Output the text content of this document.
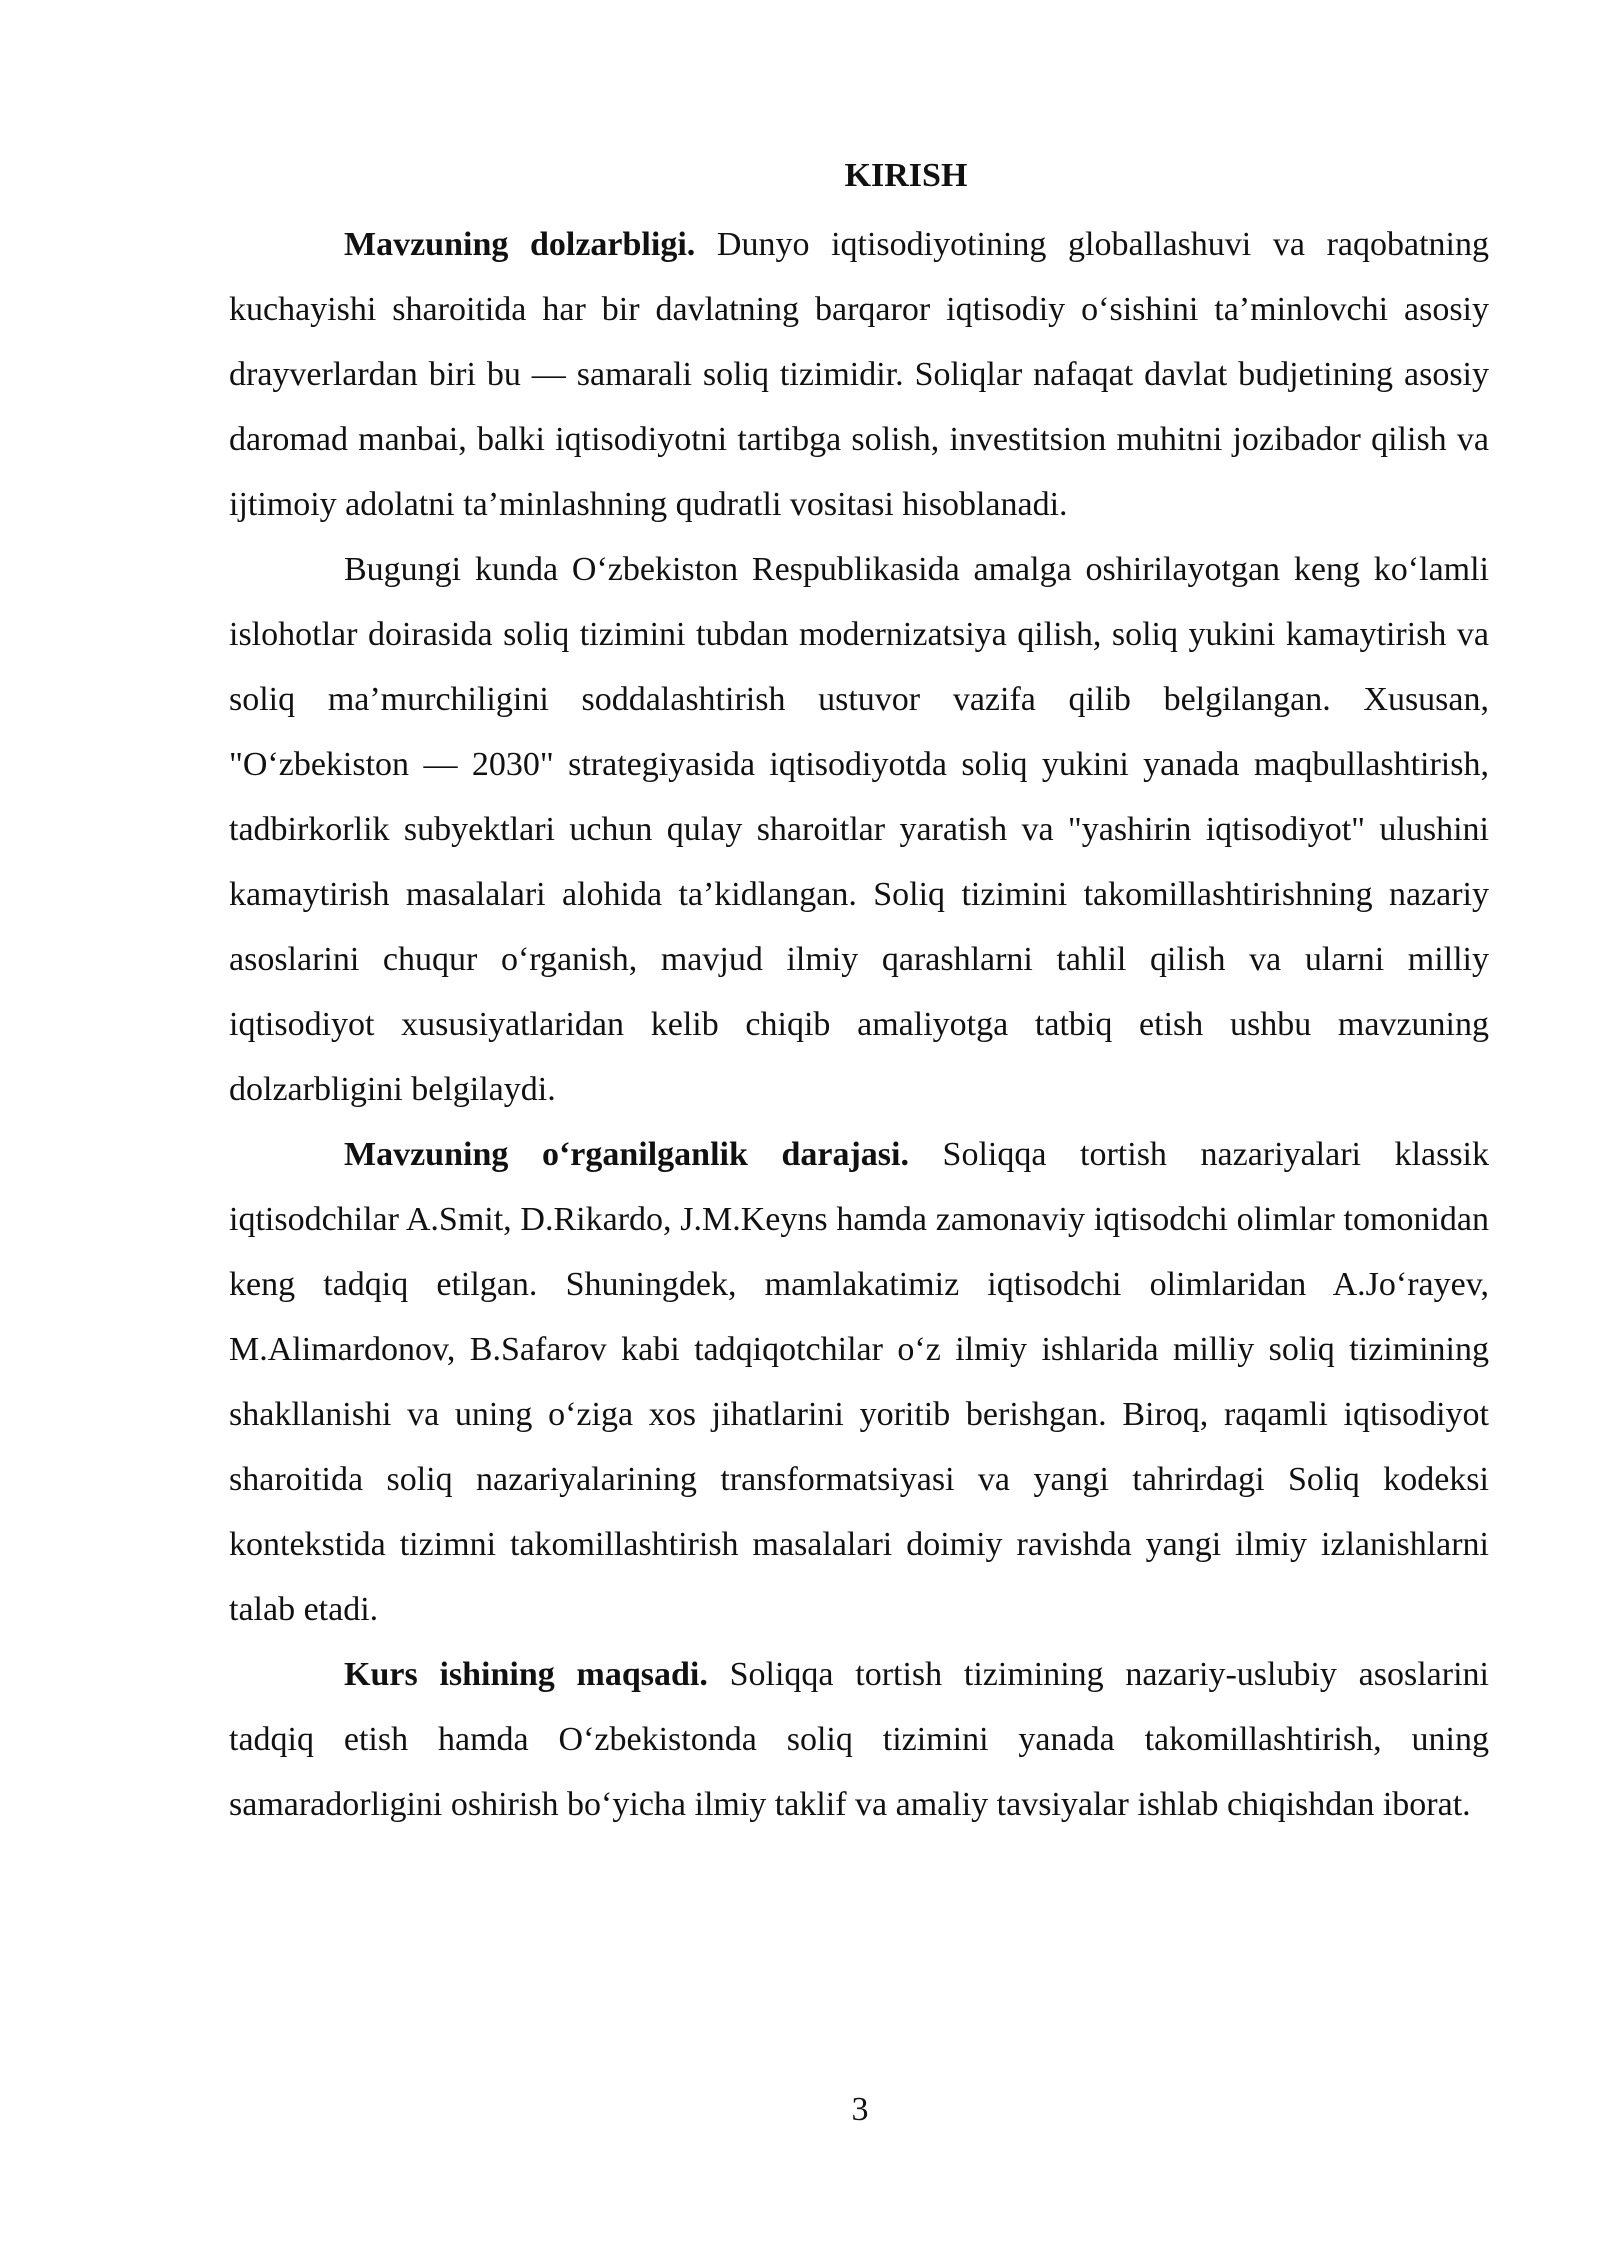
KIRISH

Mavzuning dolzarbligi. Dunyo iqtisodiyotining globallashuvi va raqobatning kuchayishi sharoitida har bir davlatning barqaror iqtisodiy o‘sishini ta’minlovchi asosiy drayverlardan biri bu — samarali soliq tizimidir. Soliqlar nafaqat davlat budjetining asosiy daromad manbai, balki iqtisodiyotni tartibga solish, investitsion muhitni jozibador qilish va ijtimoiy adolatni ta’minlashning qudratli vositasi hisoblanadi.

Bugungi kunda O‘zbekiston Respublikasida amalga oshirilayotgan keng ko‘lamli islohotlar doirasida soliq tizimini tubdan modernizatsiya qilish, soliq yukini kamaytirish va soliq ma’murchiligini soddalashtirish ustuvor vazifa qilib belgilangan. Xususan, "O‘zbekiston — 2030" strategiyasida iqtisodiyotda soliq yukini yanada maqbullashtirish, tadbirkorlik subyektlari uchun qulay sharoitlar yaratish va "yashirin iqtisodiyot" ulushini kamaytirish masalalari alohida ta’kidlangan. Soliq tizimini takomillashtirishning nazariy asoslarini chuqur o‘rganish, mavjud ilmiy qarashlarni tahlil qilish va ularni milliy iqtisodiyot xususiyatlaridan kelib chiqib amaliyotga tatbiq etish ushbu mavzuning dolzarbligini belgilaydi.

Mavzuning o‘rganilganlik darajasi. Soliqqa tortish nazariyalari klassik iqtisodchilar A.Smit, D.Rikardo, J.M.Keyns hamda zamonaviy iqtisodchi olimlar tomonidan keng tadqiq etilgan. Shuningdek, mamlakatimiz iqtisodchi olimlaridan A.Jo‘rayev, M.Alimardonov, B.Safarov kabi tadqiqotchilar o‘z ilmiy ishlarida milliy soliq tizimining shakllanishi va uning o‘ziga xos jihatlarini yoritib berishgan. Biroq, raqamli iqtisodiyot sharoitida soliq nazariyalarining transformatsiyasi va yangi tahrirdagi Soliq kodeksi kontekstida tizimni takomillashtirish masalalari doimiy ravishda yangi ilmiy izlanishlarni talab etadi.

Kurs ishining maqsadi. Soliqqa tortish tizimining nazariy-uslubiy asoslarini tadqiq etish hamda O‘zbekistonda soliq tizimini yanada takomillashtirish, uning samaradorligini oshirish bo‘yicha ilmiy taklif va amaliy tavsiyalar ishlab chiqishdan iborat.

3
